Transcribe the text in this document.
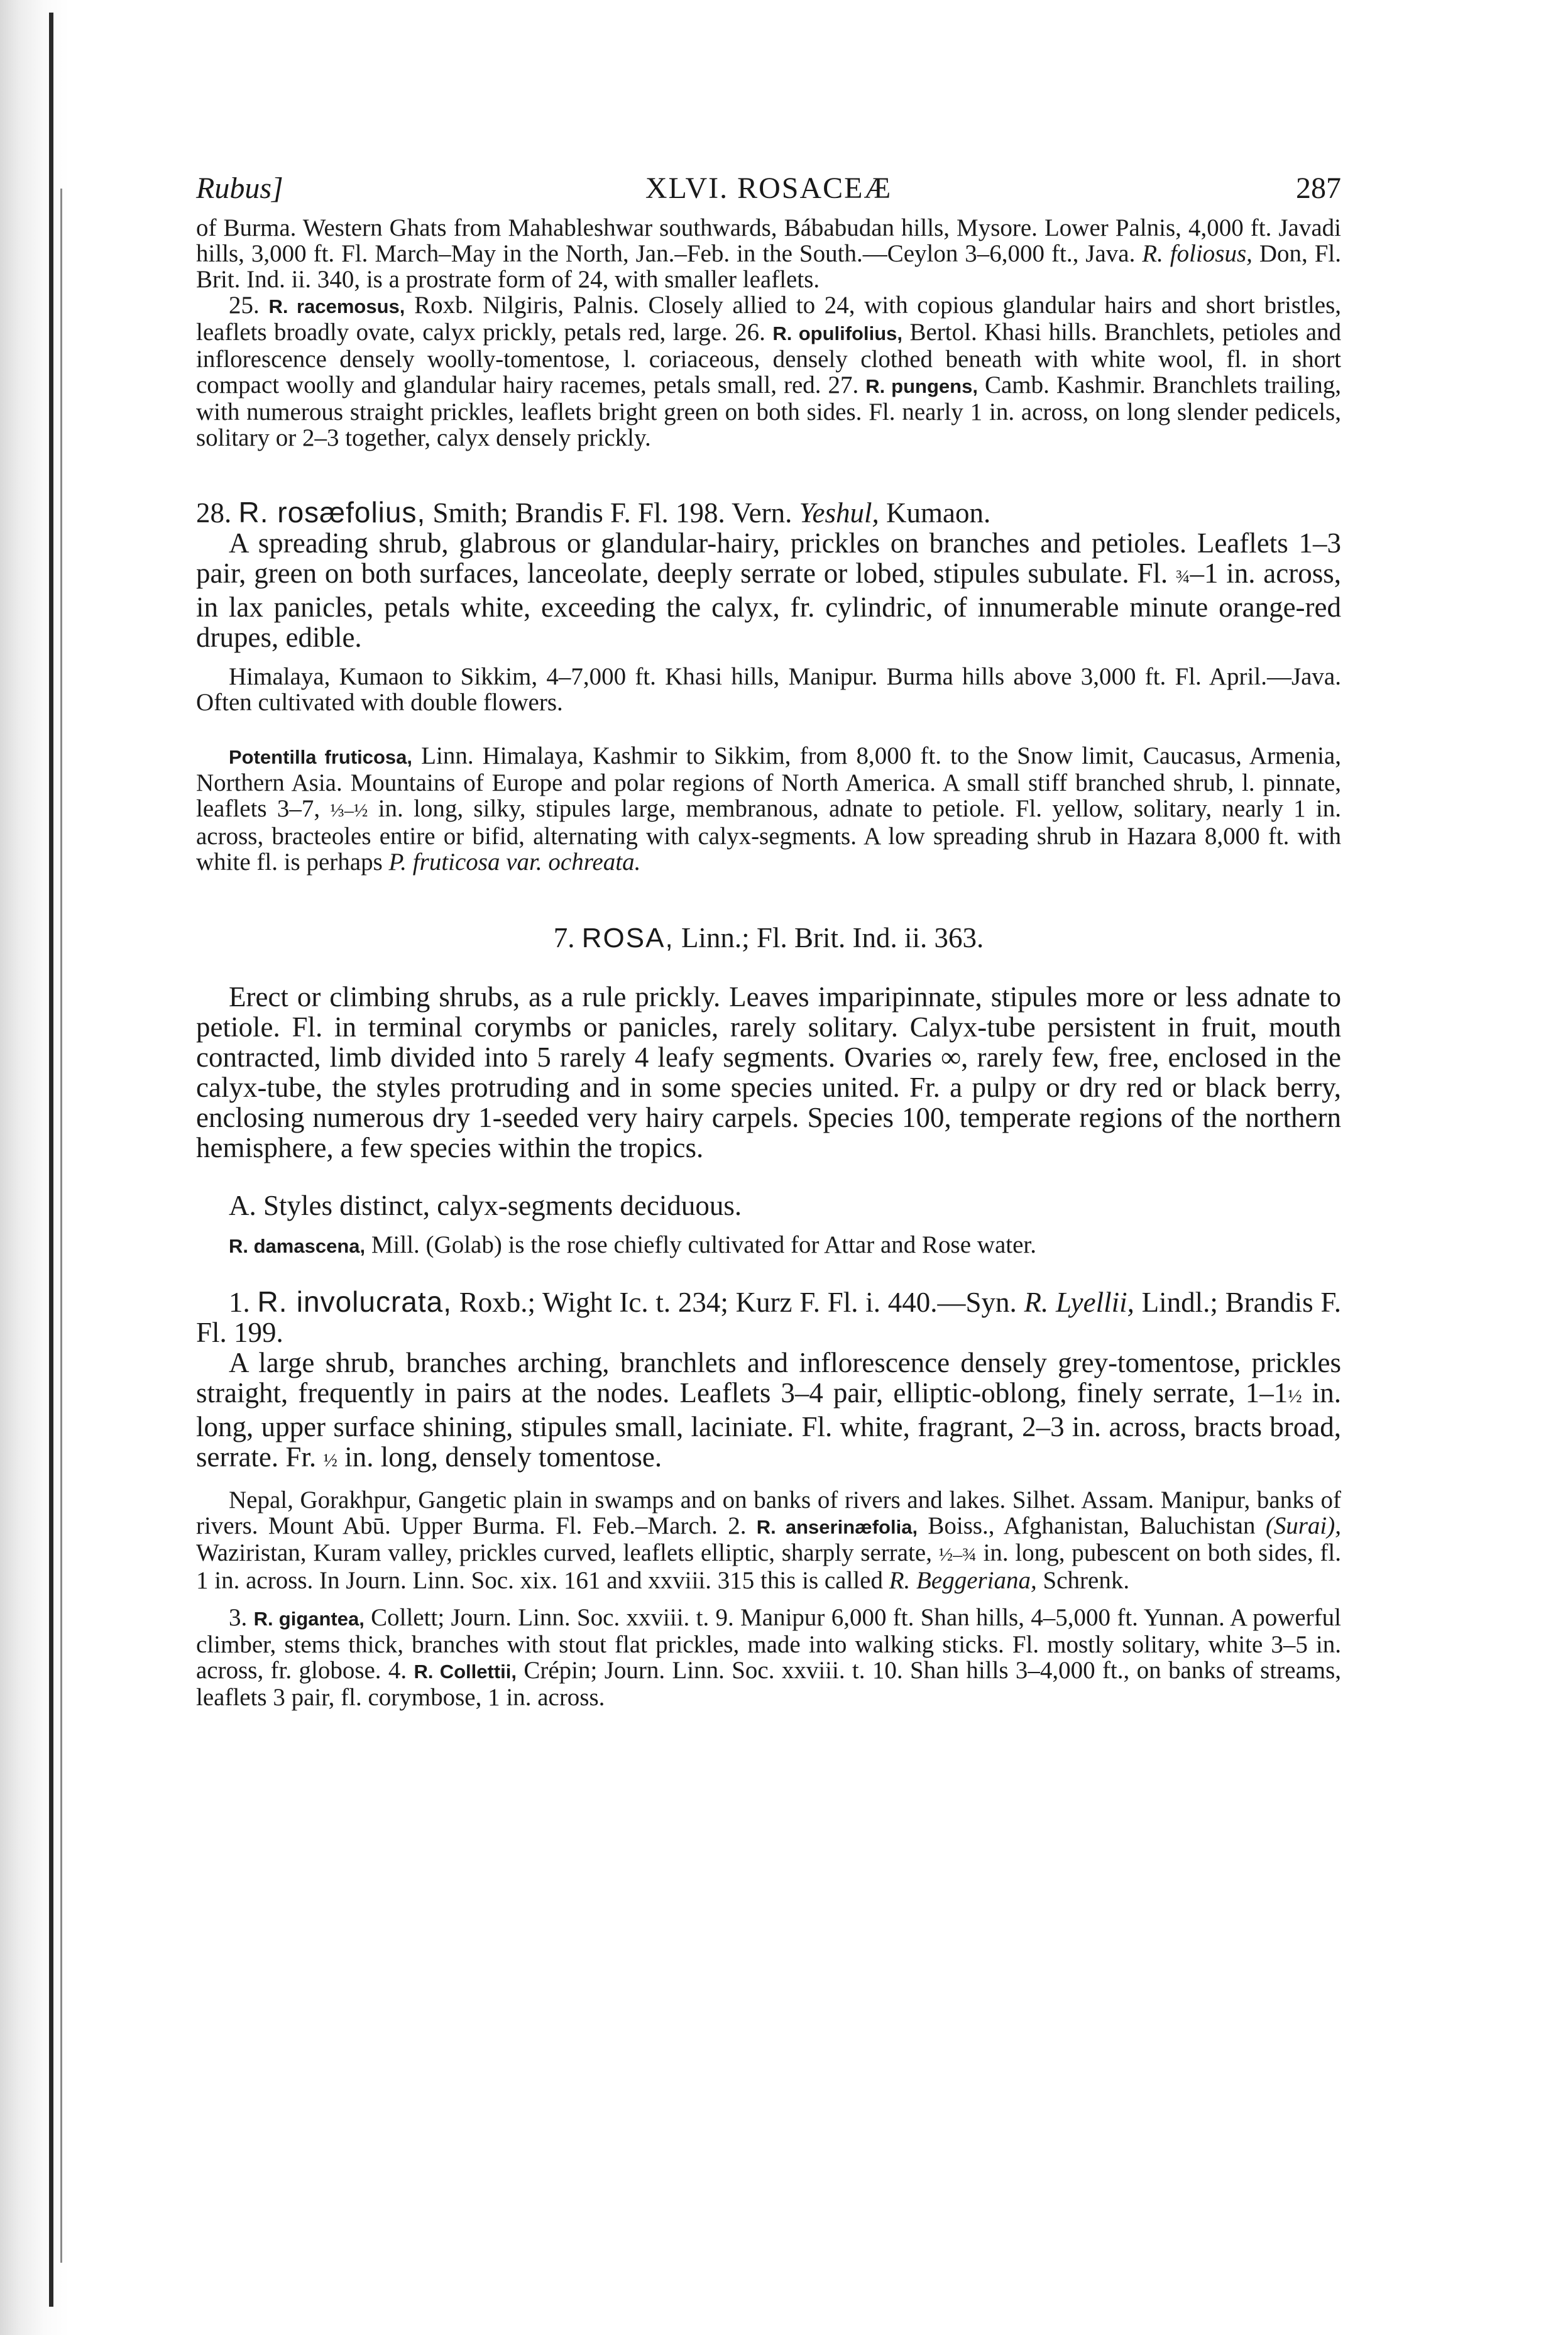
Rubus]	XLVI. ROSACEÆ	287

of Burma. Western Ghats from Mahableshwar southwards, Bábabudan hills, Mysore. Lower Palnis, 4,000 ft. Javadi hills, 3,000 ft. Fl. March–May in the North, Jan.–Feb. in the South.—Ceylon 3–6,000 ft., Java. R. foliosus, Don, Fl. Brit. Ind. ii. 340, is a prostrate form of 24, with smaller leaflets.

25. R. racemosus, Roxb. Nilgiris, Palnis. Closely allied to 24, with copious glandular hairs and short bristles, leaflets broadly ovate, calyx prickly, petals red, large. 26. R. opulifolius, Bertol. Khasi hills. Branchlets, petioles and inflorescence densely woolly-tomentose, l. coriaceous, densely clothed beneath with white wool, fl. in short compact woolly and glandular hairy racemes, petals small, red. 27. R. pungens, Camb. Kashmir. Branchlets trailing, with numerous straight prickles, leaflets bright green on both sides. Fl. nearly 1 in. across, on long slender pedicels, solitary or 2–3 together, calyx densely prickly.

28. R. rosæfolius, Smith; Brandis F. Fl. 198. Vern. Yeshul, Kumaon.

A spreading shrub, glabrous or glandular-hairy, prickles on branches and petioles. Leaflets 1–3 pair, green on both surfaces, lanceolate, deeply serrate or lobed, stipules subulate. Fl. ¾–1 in. across, in lax panicles, petals white, exceeding the calyx, fr. cylindric, of innumerable minute orange-red drupes, edible.

Himalaya, Kumaon to Sikkim, 4–7,000 ft. Khasi hills, Manipur. Burma hills above 3,000 ft. Fl. April.—Java. Often cultivated with double flowers.

Potentilla fruticosa, Linn. Himalaya, Kashmir to Sikkim, from 8,000 ft. to the Snow limit, Caucasus, Armenia, Northern Asia. Mountains of Europe and polar regions of North America. A small stiff branched shrub, l. pinnate, leaflets 3–7, ⅓–½ in. long, silky, stipules large, membranous, adnate to petiole. Fl. yellow, solitary, nearly 1 in. across, bracteoles entire or bifid, alternating with calyx-segments. A low spreading shrub in Hazara 8,000 ft. with white fl. is perhaps P. fruticosa var. ochreata.

7. ROSA, Linn.; Fl. Brit. Ind. ii. 363.

Erect or climbing shrubs, as a rule prickly. Leaves imparipinnate, stipules more or less adnate to petiole. Fl. in terminal corymbs or panicles, rarely solitary. Calyx-tube persistent in fruit, mouth contracted, limb divided into 5 rarely 4 leafy segments. Ovaries ∞, rarely few, free, enclosed in the calyx-tube, the styles protruding and in some species united. Fr. a pulpy or dry red or black berry, enclosing numerous dry 1-seeded very hairy carpels. Species 100, temperate regions of the northern hemisphere, a few species within the tropics.

A. Styles distinct, calyx-segments deciduous.

R. damascena, Mill. (Golab) is the rose chiefly cultivated for Attar and Rose water.

1. R. involucrata, Roxb.; Wight Ic. t. 234; Kurz F. Fl. i. 440.—Syn. R. Lyellii, Lindl.; Brandis F. Fl. 199.

A large shrub, branches arching, branchlets and inflorescence densely grey-tomentose, prickles straight, frequently in pairs at the nodes. Leaflets 3–4 pair, elliptic-oblong, finely serrate, 1–1½ in. long, upper surface shining, stipules small, laciniate. Fl. white, fragrant, 2–3 in. across, bracts broad, serrate. Fr. ½ in. long, densely tomentose.

Nepal, Gorakhpur, Gangetic plain in swamps and on banks of rivers and lakes. Silhet. Assam. Manipur, banks of rivers. Mount Abū. Upper Burma. Fl. Feb.–March. 2. R. anserinæfolia, Boiss., Afghanistan, Baluchistan (Surai), Waziristan, Kuram valley, prickles curved, leaflets elliptic, sharply serrate, ½–¾ in. long, pubescent on both sides, fl. 1 in. across. In Journ. Linn. Soc. xix. 161 and xxviii. 315 this is called R. Beggeriana, Schrenk.

3. R. gigantea, Collett; Journ. Linn. Soc. xxviii. t. 9. Manipur 6,000 ft. Shan hills, 4–5,000 ft. Yunnan. A powerful climber, stems thick, branches with stout flat prickles, made into walking sticks. Fl. mostly solitary, white 3–5 in. across, fr. globose. 4. R. Collettii, Crépin; Journ. Linn. Soc. xxviii. t. 10. Shan hills 3–4,000 ft., on banks of streams, leaflets 3 pair, fl. corymbose, 1 in. across.
